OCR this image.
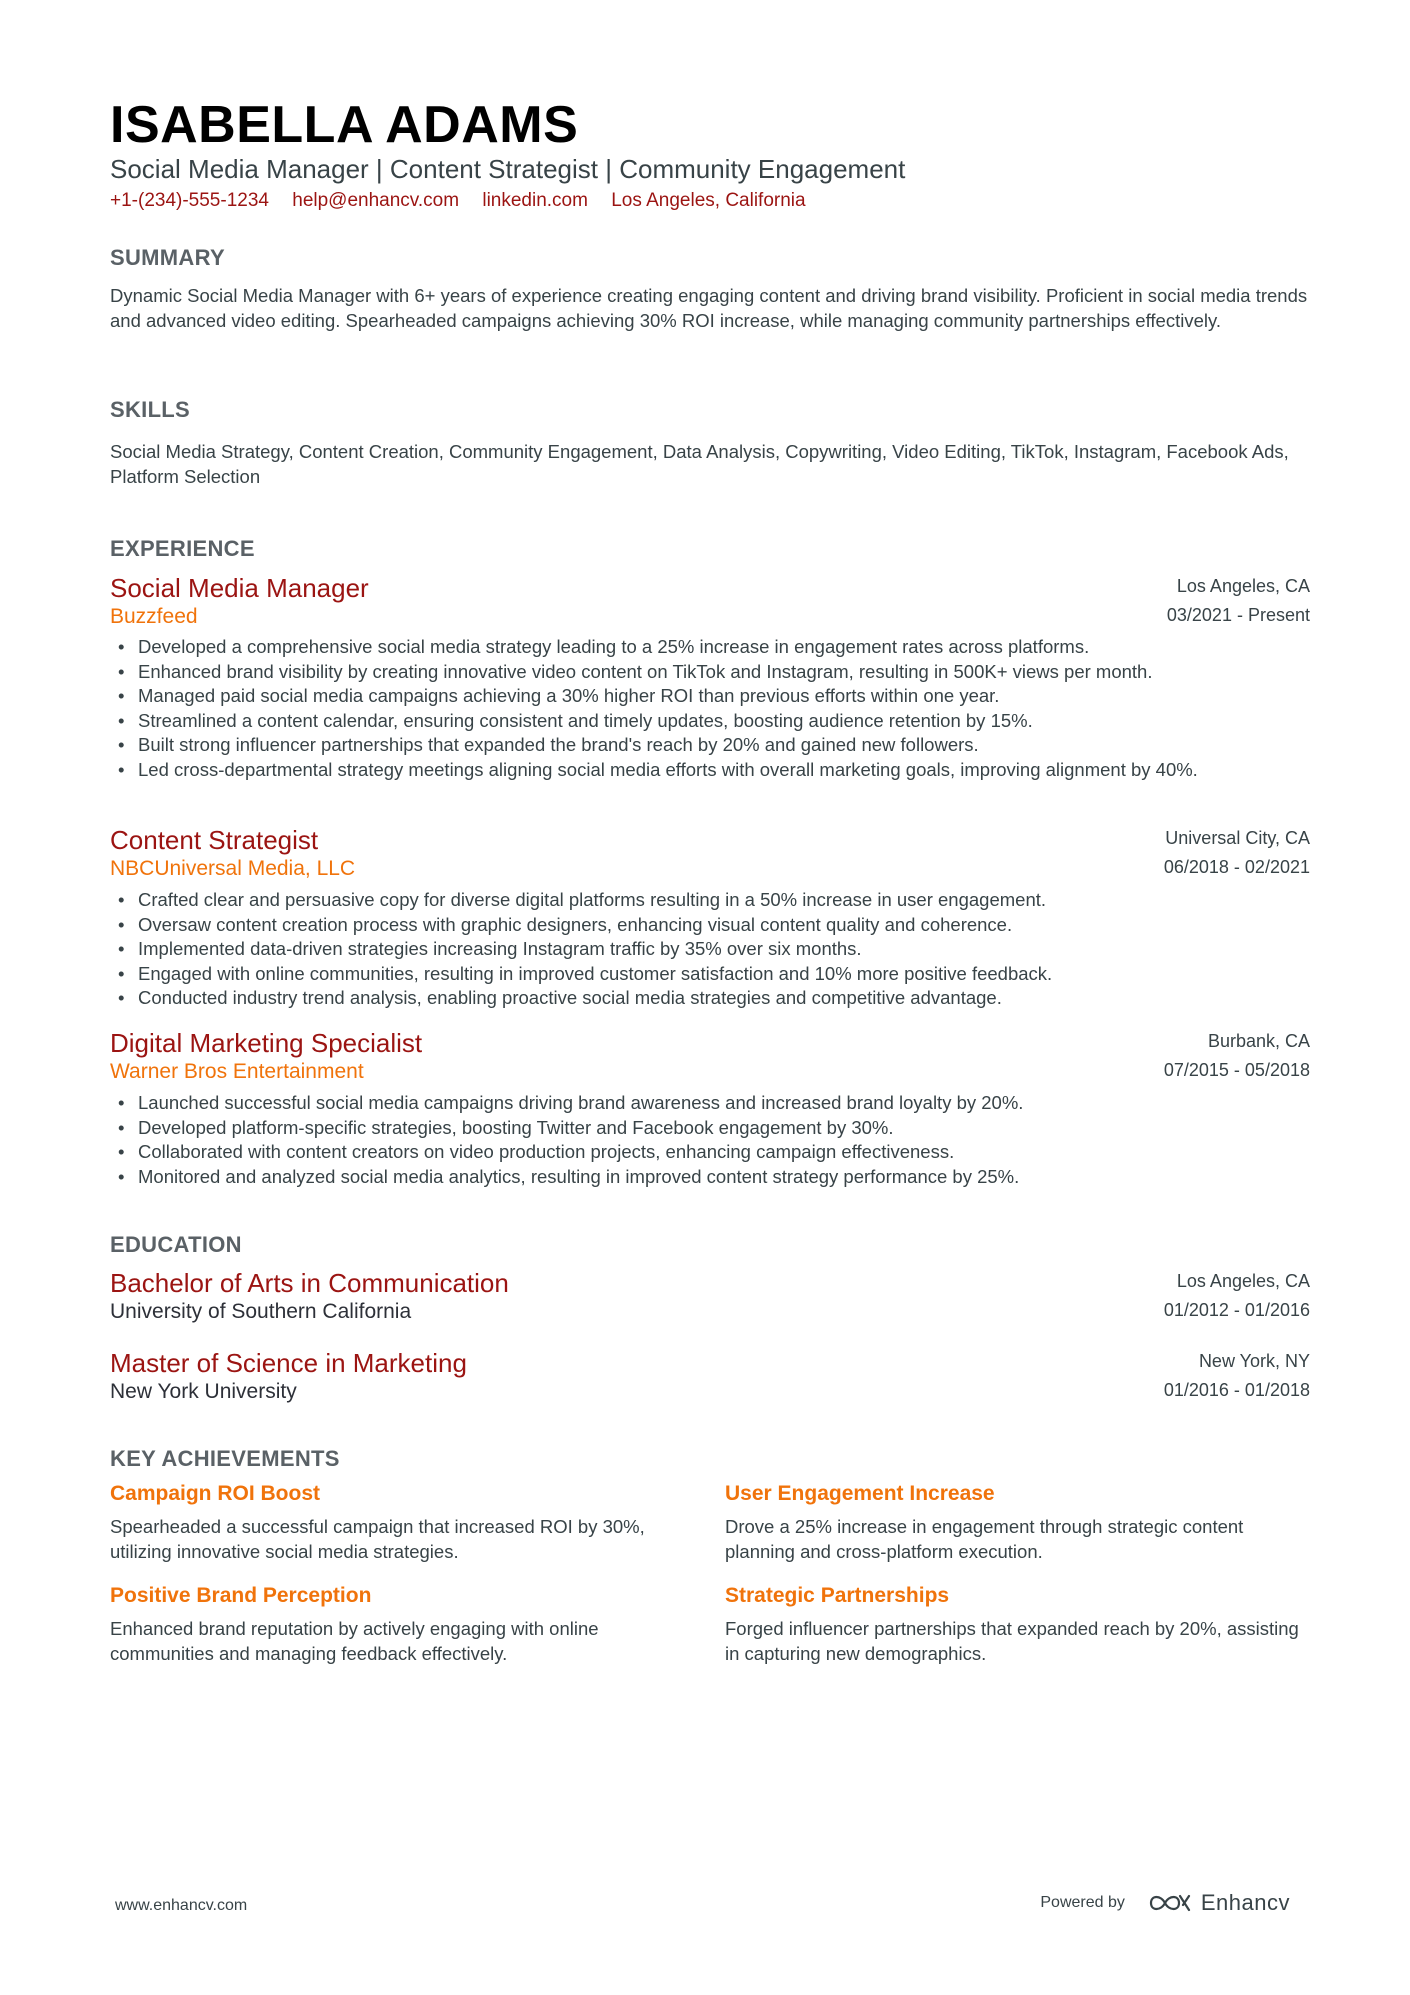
ISABELLA ADAMS
Social Media Manager | Content Strategist | Community Engagement
+1-(234)-555-1234 help@enhancv.com linkedin.com Los Angeles, California
SUMMARY
Dynamic Social Media Manager with 6+ years of experience creating engaging content and driving brand visibility. Proficient in social media trends and advanced video editing. Spearheaded campaigns achieving 30% ROI increase, while managing community partnerships effectively.
SKILLS
Social Media Strategy, Content Creation, Community Engagement, Data Analysis, Copywriting, Video Editing, TikTok, Instagram, Facebook Ads, Platform Selection
EXPERIENCE
Social Media Manager	Los Angeles, CA
Buzzfeed	03/2021 - Present
• Developed a comprehensive social media strategy leading to a 25% increase in engagement rates across platforms.
• Enhanced brand visibility by creating innovative video content on TikTok and Instagram, resulting in 500K+ views per month.
• Managed paid social media campaigns achieving a 30% higher ROI than previous efforts within one year.
• Streamlined a content calendar, ensuring consistent and timely updates, boosting audience retention by 15%.
• Built strong influencer partnerships that expanded the brand's reach by 20% and gained new followers.
• Led cross-departmental strategy meetings aligning social media efforts with overall marketing goals, improving alignment by 40%.
Content Strategist	Universal City, CA
NBCUniversal Media, LLC	06/2018 - 02/2021
• Crafted clear and persuasive copy for diverse digital platforms resulting in a 50% increase in user engagement.
• Oversaw content creation process with graphic designers, enhancing visual content quality and coherence.
• Implemented data-driven strategies increasing Instagram traffic by 35% over six months.
• Engaged with online communities, resulting in improved customer satisfaction and 10% more positive feedback.
• Conducted industry trend analysis, enabling proactive social media strategies and competitive advantage.
Digital Marketing Specialist	Burbank, CA
Warner Bros Entertainment	07/2015 - 05/2018
• Launched successful social media campaigns driving brand awareness and increased brand loyalty by 20%.
• Developed platform-specific strategies, boosting Twitter and Facebook engagement by 30%.
• Collaborated with content creators on video production projects, enhancing campaign effectiveness.
• Monitored and analyzed social media analytics, resulting in improved content strategy performance by 25%.
EDUCATION
Bachelor of Arts in Communication	Los Angeles, CA
University of Southern California	01/2012 - 01/2016
Master of Science in Marketing	New York, NY
New York University	01/2016 - 01/2018
KEY ACHIEVEMENTS
Campaign ROI Boost
Spearheaded a successful campaign that increased ROI by 30%, utilizing innovative social media strategies.
User Engagement Increase
Drove a 25% increase in engagement through strategic content planning and cross-platform execution.
Positive Brand Perception
Enhanced brand reputation by actively engaging with online communities and managing feedback effectively.
Strategic Partnerships
Forged influencer partnerships that expanded reach by 20%, assisting in capturing new demographics.
www.enhancv.com	Powered by	Enhancv
